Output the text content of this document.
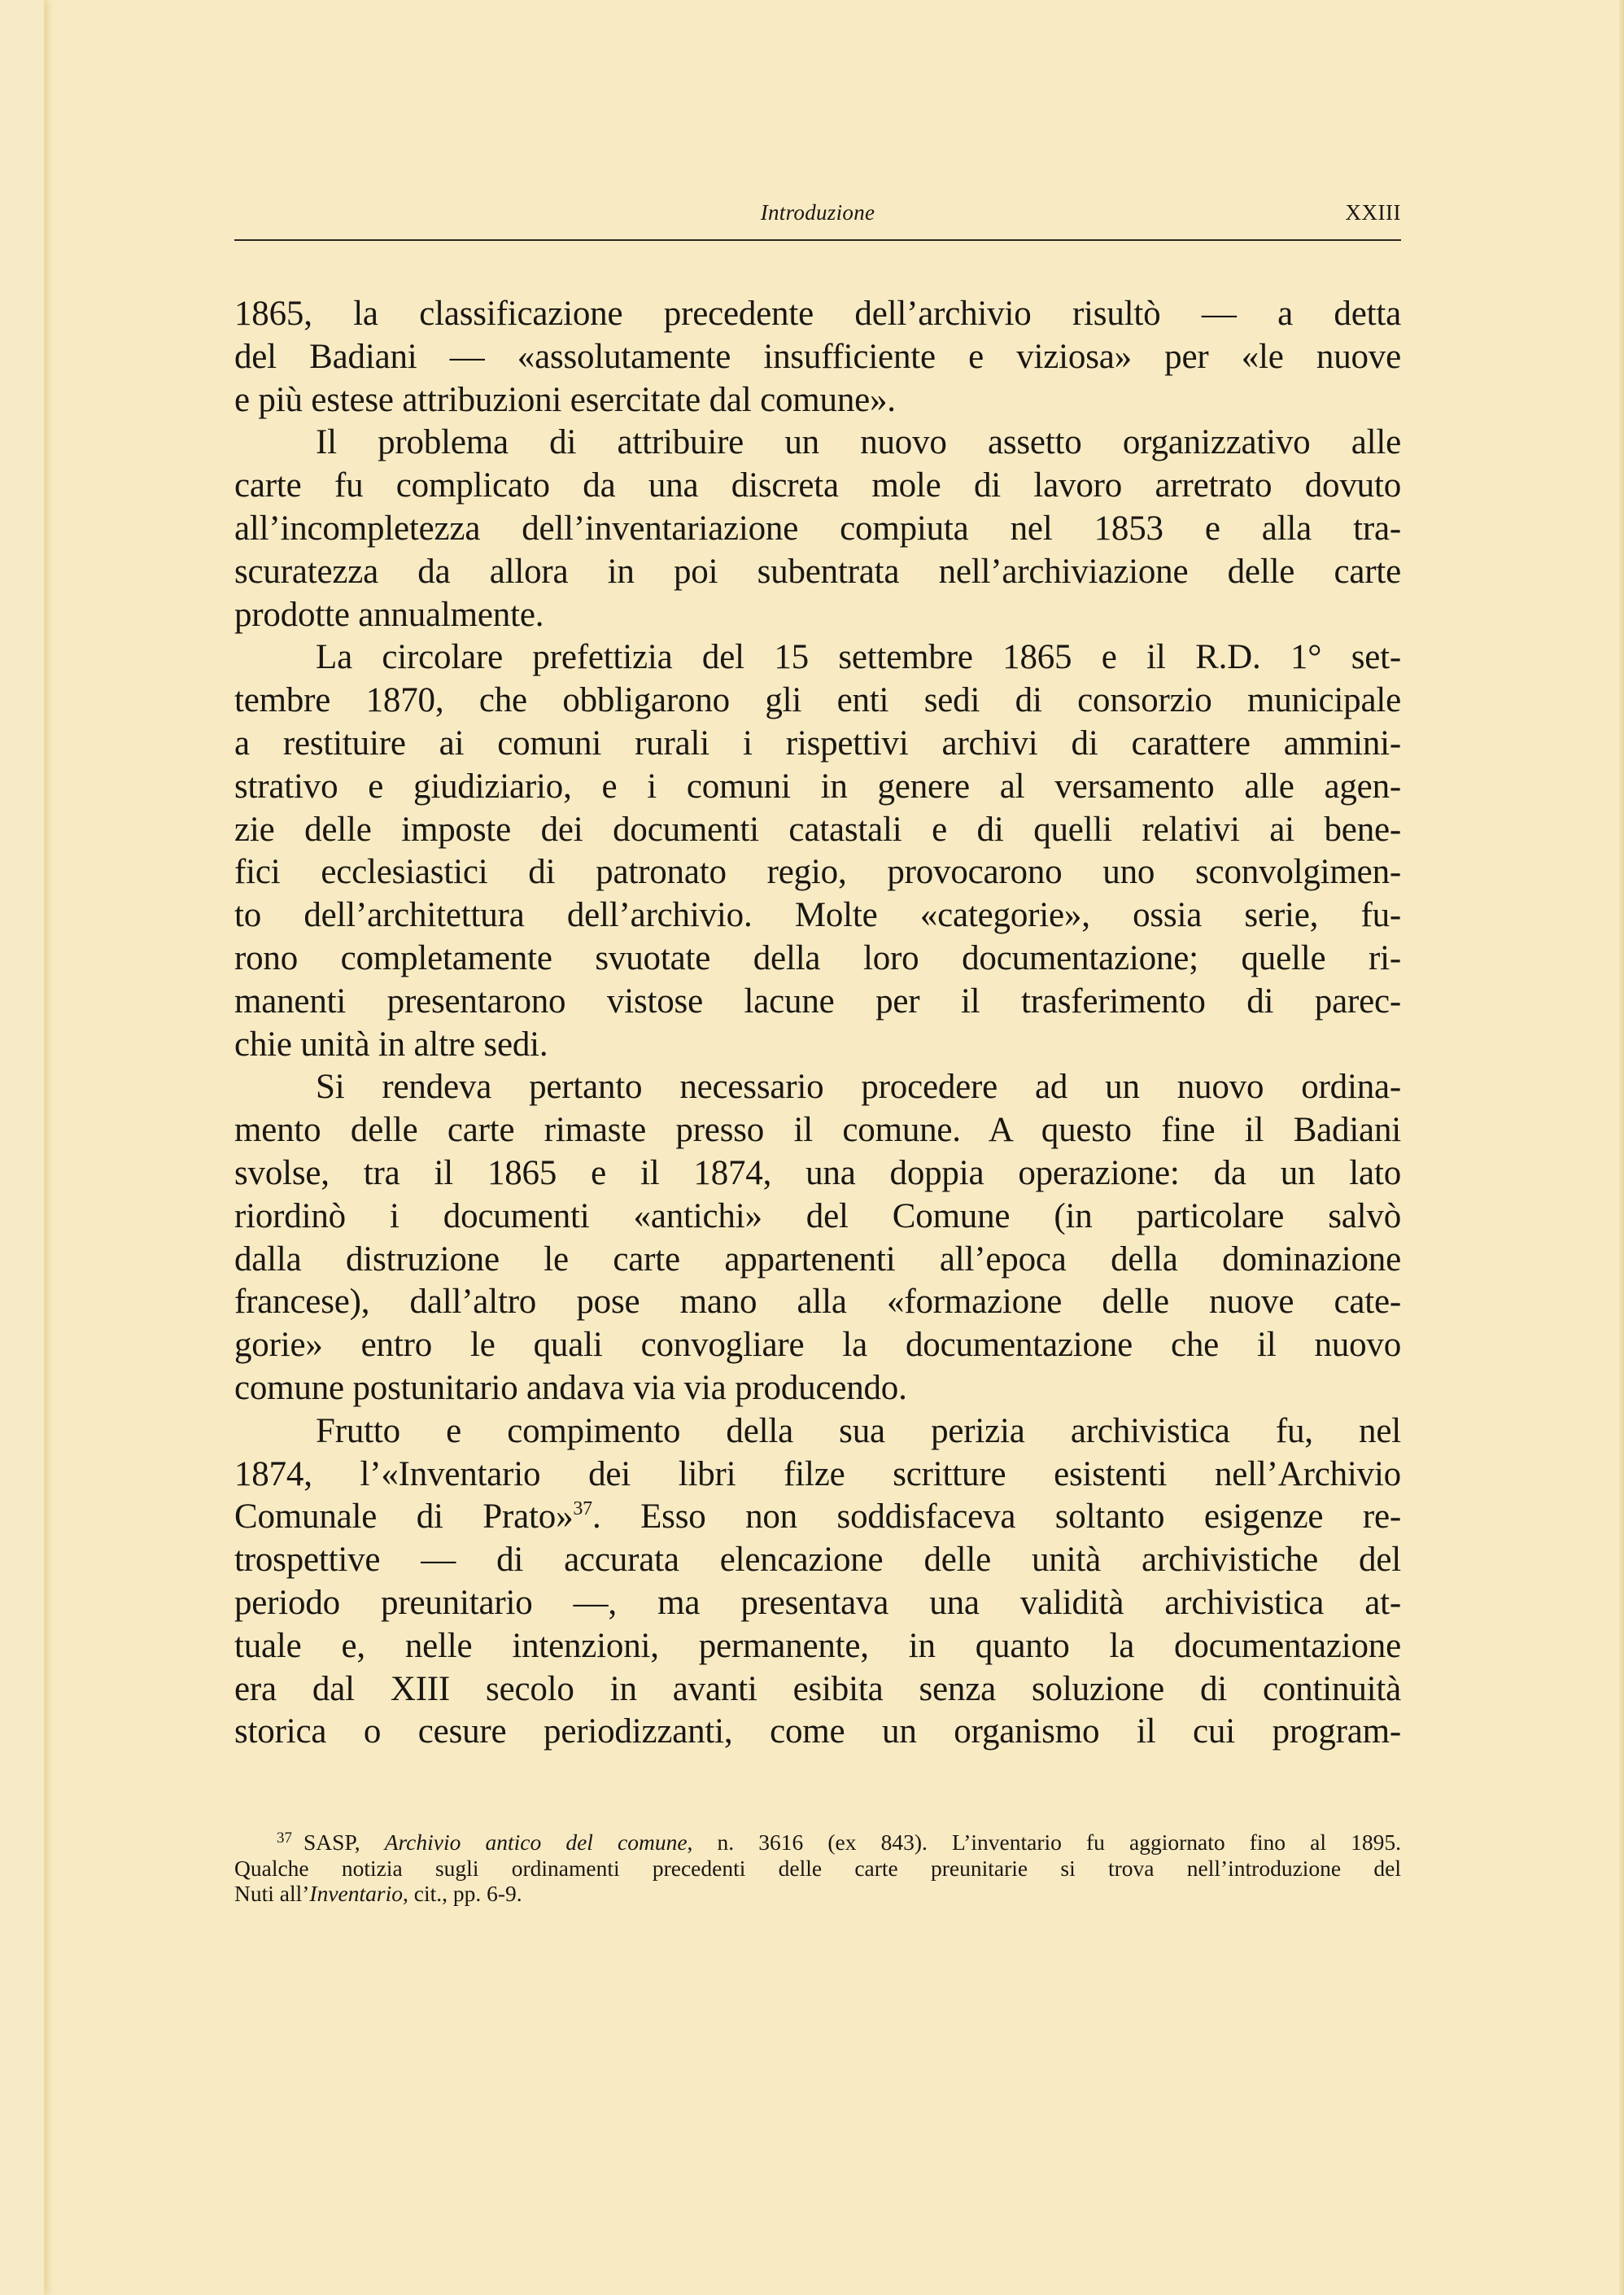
Introduzione	XXIII
1865, la classificazione precedente dell’archivio risultò — a detta
del Badiani — «assolutamente insufficiente e viziosa» per «le nuove
e più estese attribuzioni esercitate dal comune».
Il problema di attribuire un nuovo assetto organizzativo alle
carte fu complicato da una discreta mole di lavoro arretrato dovuto
all’incompletezza dell’inventariazione compiuta nel 1853 e alla tra-
scuratezza da allora in poi subentrata nell’archiviazione delle carte
prodotte annualmente.
La circolare prefettizia del 15 settembre 1865 e il R.D. 1° set-
tembre 1870, che obbligarono gli enti sedi di consorzio municipale
a restituire ai comuni rurali i rispettivi archivi di carattere ammini-
strativo e giudiziario, e i comuni in genere al versamento alle agen-
zie delle imposte dei documenti catastali e di quelli relativi ai bene-
fici ecclesiastici di patronato regio, provocarono uno sconvolgimen-
to dell’architettura dell’archivio. Molte «categorie», ossia serie, fu-
rono completamente svuotate della loro documentazione; quelle ri-
manenti presentarono vistose lacune per il trasferimento di parec-
chie unità in altre sedi.
Si rendeva pertanto necessario procedere ad un nuovo ordina-
mento delle carte rimaste presso il comune. A questo fine il Badiani
svolse, tra il 1865 e il 1874, una doppia operazione: da un lato
riordinò i documenti «antichi» del Comune (in particolare salvò
dalla distruzione le carte appartenenti all’epoca della dominazione
francese), dall’altro pose mano alla «formazione delle nuove cate-
gorie» entro le quali convogliare la documentazione che il nuovo
comune postunitario andava via via producendo.
Frutto e compimento della sua perizia archivistica fu, nel
1874, l’«Inventario dei libri filze scritture esistenti nell’Archivio
Comunale di Prato»$^{37}$. Esso non soddisfaceva soltanto esigenze re-
trospettive — di accurata elencazione delle unità archivistiche del
periodo preunitario —, ma presentava una validità archivistica at-
tuale e, nelle intenzioni, permanente, in quanto la documentazione
era dal XIII secolo in avanti esibita senza soluzione di continuità
storica o cesure periodizzanti, come un organismo il cui program-
$^{37}$ SASP, Archivio antico del comune, n. 3616 (ex 843). L’inventario fu aggiornato fino al 1895.
Qualche notizia sugli ordinamenti precedenti delle carte preunitarie si trova nell’introduzione del
Nuti all’Inventario, cit., pp. 6-9.
